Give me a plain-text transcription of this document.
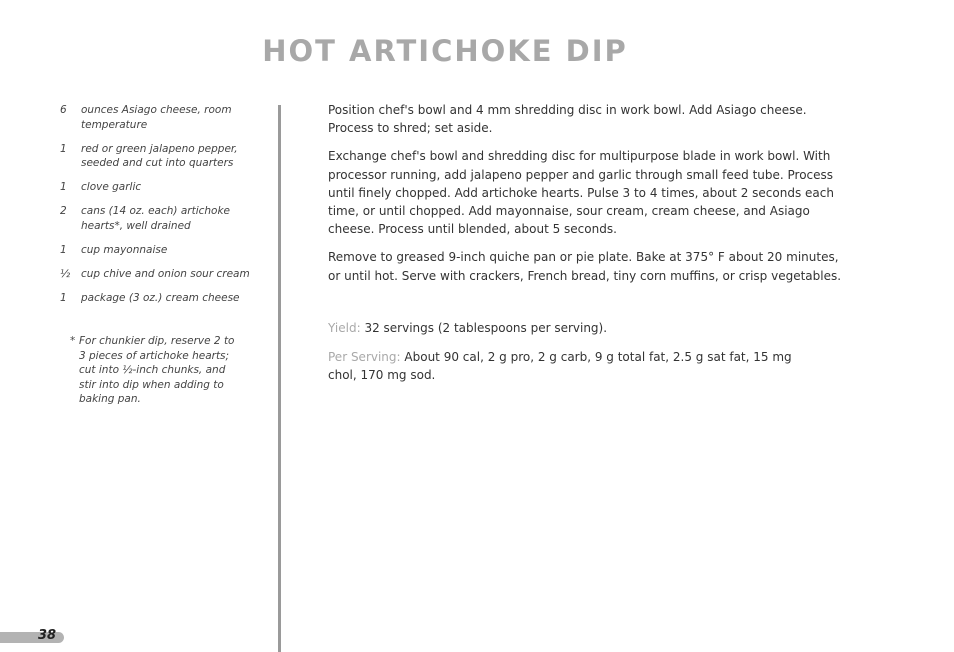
HOT ARTICHOKE DIP
6	ounces Asiago cheese, room temperature
1	red or green jalapeno pepper, seeded and cut into quarters
1	clove garlic
2	cans (14 oz. each) artichoke hearts*, well drained
1	cup mayonnaise
½	cup chive and onion sour cream
1	package (3 oz.) cream cheese
* For chunkier dip, reserve 2 to 3 pieces of artichoke hearts; cut into ½-inch chunks, and stir into dip when adding to baking pan.

Position chef's bowl and 4 mm shredding disc in work bowl. Add Asiago cheese. Process to shred; set aside.

Exchange chef's bowl and shredding disc for multipurpose blade in work bowl. With processor running, add jalapeno pepper and garlic through small feed tube. Process until finely chopped. Add artichoke hearts. Pulse 3 to 4 times, about 2 seconds each time, or until chopped. Add mayonnaise, sour cream, cream cheese, and Asiago cheese. Process until blended, about 5 seconds.

Remove to greased 9-inch quiche pan or pie plate. Bake at 375° F about 20 minutes, or until hot. Serve with crackers, French bread, tiny corn muffins, or crisp vegetables.

Yield: 32 servings (2 tablespoons per serving).
Per Serving: About 90 cal, 2 g pro, 2 g carb, 9 g total fat, 2.5 g sat fat, 15 mg chol, 170 mg sod.
38
